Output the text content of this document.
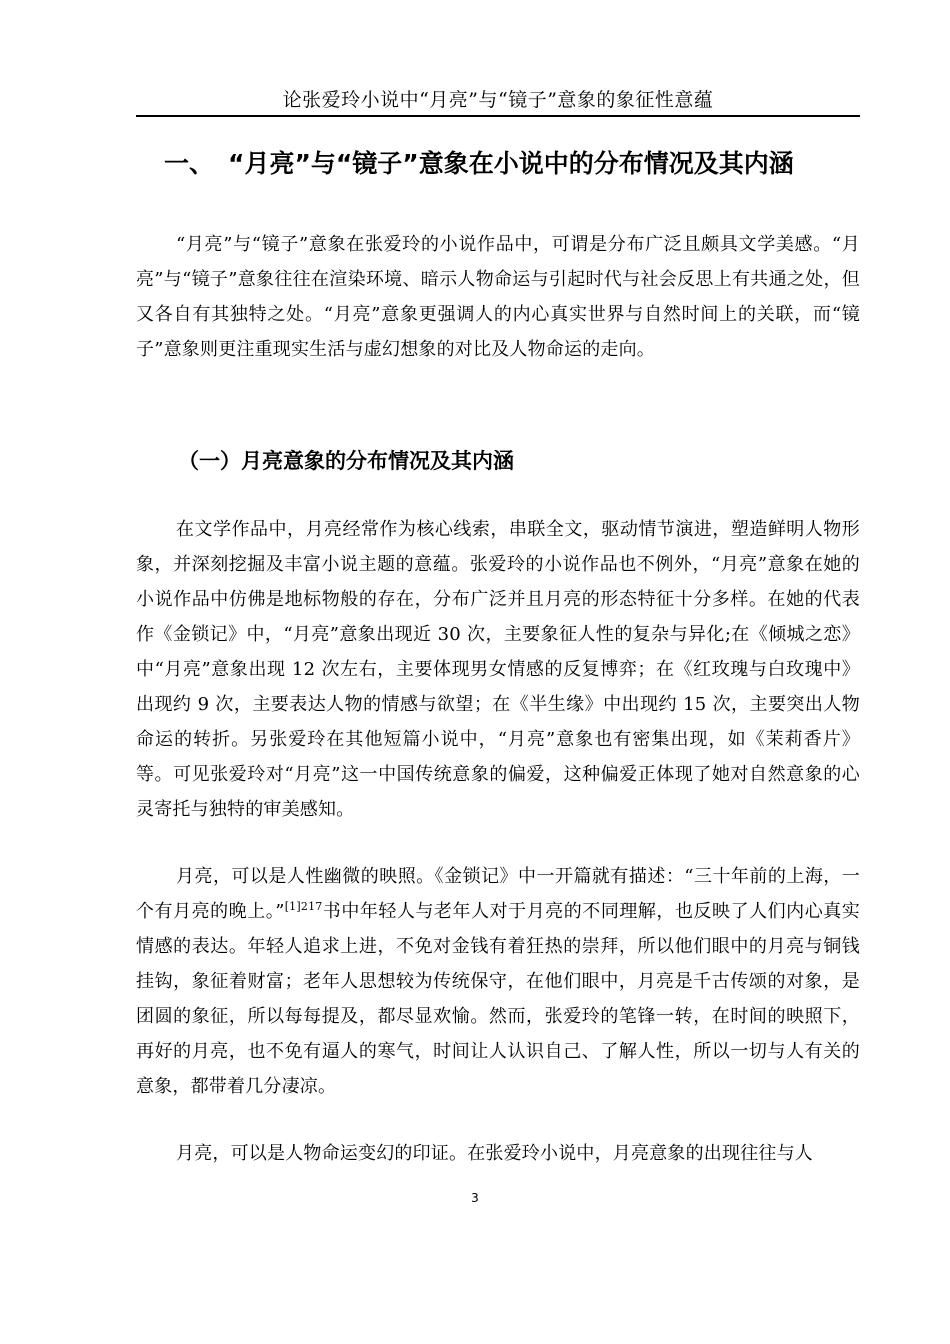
论张爱玲小说中“月亮”与“镜子”意象的象征性意蕴
一、 “月亮”与“镜子”意象在小说中的分布情况及其内涵

“月亮”与“镜子”意象在张爱玲的小说作品中，可谓是分布广泛且颇具文学美感。“月亮”与“镜子”意象往往在渲染环境、暗示人物命运与引起时代与社会反思上有共通之处，但又各自有其独特之处。“月亮”意象更强调人的内心真实世界与自然时间上的关联，而“镜子”意象则更注重现实生活与虚幻想象的对比及人物命运的走向。

（一）月亮意象的分布情况及其内涵

在文学作品中，月亮经常作为核心线索，串联全文，驱动情节演进，塑造鲜明人物形象，并深刻挖掘及丰富小说主题的意蕴。张爱玲的小说作品也不例外，“月亮”意象在她的小说作品中仿佛是地标物般的存在，分布广泛并且月亮的形态特征十分多样。在她的代表作《金锁记》中，“月亮”意象出现近 30 次，主要象征人性的复杂与异化;在《倾城之恋》中“月亮”意象出现 12 次左右，主要体现男女情感的反复博弈；在《红玫瑰与白玫瑰中》出现约 9 次，主要表达人物的情感与欲望；在《半生缘》中出现约 15 次，主要突出人物命运的转折。另张爱玲在其他短篇小说中，“月亮”意象也有密集出现，如《茉莉香片》等。可见张爱玲对“月亮”这一中国传统意象的偏爱，这种偏爱正体现了她对自然意象的心灵寄托与独特的审美感知。

月亮，可以是人性幽微的映照。《金锁记》中一开篇就有描述：“三十年前的上海，一个有月亮的晚上。”$^{[1]217}$书中年轻人与老年人对于月亮的不同理解，也反映了人们内心真实情感的表达。年轻人追求上进，不免对金钱有着狂热的崇拜，所以他们眼中的月亮与铜钱挂钩，象征着财富；老年人思想较为传统保守，在他们眼中，月亮是千古传颂的对象，是团圆的象征，所以每每提及，都尽显欢愉。然而，张爱玲的笔锋一转，在时间的映照下，再好的月亮，也不免有逼人的寒气，时间让人认识自己、了解人性，所以一切与人有关的意象，都带着几分凄凉。

月亮，可以是人物命运变幻的印证。在张爱玲小说中，月亮意象的出现往往与人

3
